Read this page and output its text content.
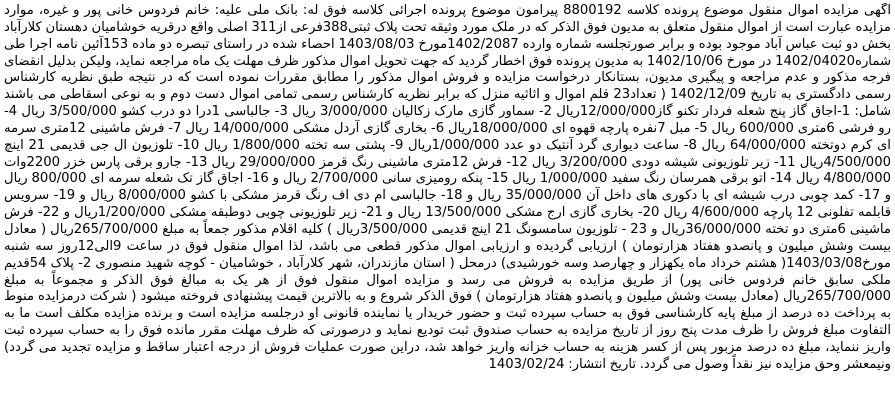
آگهی مزایده اموال منقول موضوع پرونده کلاسه 8800192 پیرامون موضوع پرونده اجرائی کلاسه فوق له: بانک ملی علیه: خانم فردوس خانی پور و غیره، موارد مزایده عبارت است از اموال منقول متعلق به مدیون فوق الذکر که در ملک مورد وثیقه تحت پلاک ثبتی388فرعی از311 اصلی واقع درقریه خوشامیان دهستان کلارآباد بخش دو ثبت عباس آباد موجود بوده و برابر صورتجلسه شماره وارده 1402/2087مورخ 1403/08/03 احصاء شده در راستای تبصره دو ماده 153آئین نامه اجرا طی شماره1402/04020 در مورخ 1402/10/06 به مدیون پرونده فوق اخطار گردید که جهت تحویل اموال مذکور ظرف مهلت یک ماه مراجعه نماید، ولیکن بدلیل انقضای فرجه مذکور و عدم مراجعه و پیگیری مدیون، بستانکار درخواست مزایده و فروش اموال مذکور را مطابق مقررات نموده است که در نتیجه طبق نظریه کارشناس رسمی دادگستری به تاریخ 1402/12/09 ( تعداد23 قلم اموال و اثاثیه منزل که برابر نظریه کارشناس رسمی تمامی اموال دست دوم و به نوعی اسقاطی می باشند شامل: 1-اجاق گاز پنج شعله فردار تکنو گاز12/000/000ریال 2- سماور گازی مارک زکالیان 3/000/000 ریال 3- جالباسی 1درا دو درب کشو 3/500/000 ریال 4- رو فرشی 6متری 600/000 ریال 5- مبل 7نفره پارچه قهوه ای 18/000/000ریال 6- بخاری گازی آردل مشکی 14/000/000 ریال 7- فرش ماشینی 12متری سرمه ای کرم دوتخته 64/000/000 ریال 8- ساعت دیواری گرد آنتیک دو عدد 1/000/000ریال 9- پشتی سه تخته 1/800/000 ریال 10- تلوزیون ال جی قدیمی 21 اینچ 4/500/000ریال 11- زیر تلوزیونی شیشه دودی 3/200/000 ریال 12- فرش 12متری ماشینی رنگ قرمز 29/000/000 ریال 13- جارو برقی پارس خزر 2200وات 4/800/000 ریال 14- اتو برقی همرسان رنگ سفید 1/000/000 ریال 15- پنکه رومیزی سانی 2/700/000 ریال و 16- اجاق گاز تک شعله سرمه ای 800/000 ریال و 17- کمد چوبی درب شیشه ای با دکوری های داخل آن 35/000/000 ریال و 18- جالباسی ام دی اف رنگ قرمز مشکی با کشو 8/000/000 ریال و 19- سرویس قابلمه تفلونی 12 پارچه 4/600/000 ریال 20- بخاری گازی ارج مشکی 13/500/000 ریال و 21- زیر تلوزیونی چوبی دوطبقه مشکی 1/200/000ریال و 22- فرش ماشینی 6متری دو تخته 36/000/000ریال و 23 - تلوزیون سامسونگ 21 اینچ قدیمی 3/500/000ریال ) کلیه اقلام مذکور جمعاً به مبلغ 265/700/000ریال ( معادل بیست وشش میلیون و پانصدو هفتاد هزارتومان ) ارزیابی گردیده و ارزیابی اموال مذکور قطعی می باشد، لذا اموال منقول فوق در ساعت 9الی12روز سه شنبه مورخ1403/03/08( هشتم خرداد ماه یکهزار و چهارصد وسه خورشیدی) درمحل ( استان مازندران، شهر کلارآباد ، خوشامیان - کوچه شهید منصوری 2- پلاک 54قدیم ملکی سابق خانم فردوس خانی پور) از طریق مزایده به فروش می رسد و مزایده اموال منقول فوق از هر یک به مبالغ فوق الذکر و مجموعاً به مبلغ 265/700/000ریال (معادل بیست وشش میلیون و پانصدو هفتاد هزارتومان ) فوق الذکر شروع و به بالاترین قیمت پیشنهادی فروخته میشود ( شرکت درمزایده منوط به پرداخت ده درصد از مبلغ پایه کارشناسی فوق به حساب سپرده ثبت و حضور خریدار یا نماینده قانونی او درجلسه مزایده است و برنده مزایده مکلف است ما به التفاوت مبلغ فروش را ظرف مدت پنج روز از تاریخ مزایده به حساب صندوق ثبت تودیع نماید و درصورتی که ظرف مهلت مقرر مانده فوق را به حساب سپرده ثبت واریز ننماید، مبلغ ده درصد مزبور پس از کسر هزینه به حساب خزانه واریز خواهد شد، دراین صورت عملیات فروش از درجه اعتبار ساقط و مزایده تجدید می گردد) ونیمعشر وحق مزایده نیز نقداً وصول می گردد. تاریخ انتشار: 1403/02/24
